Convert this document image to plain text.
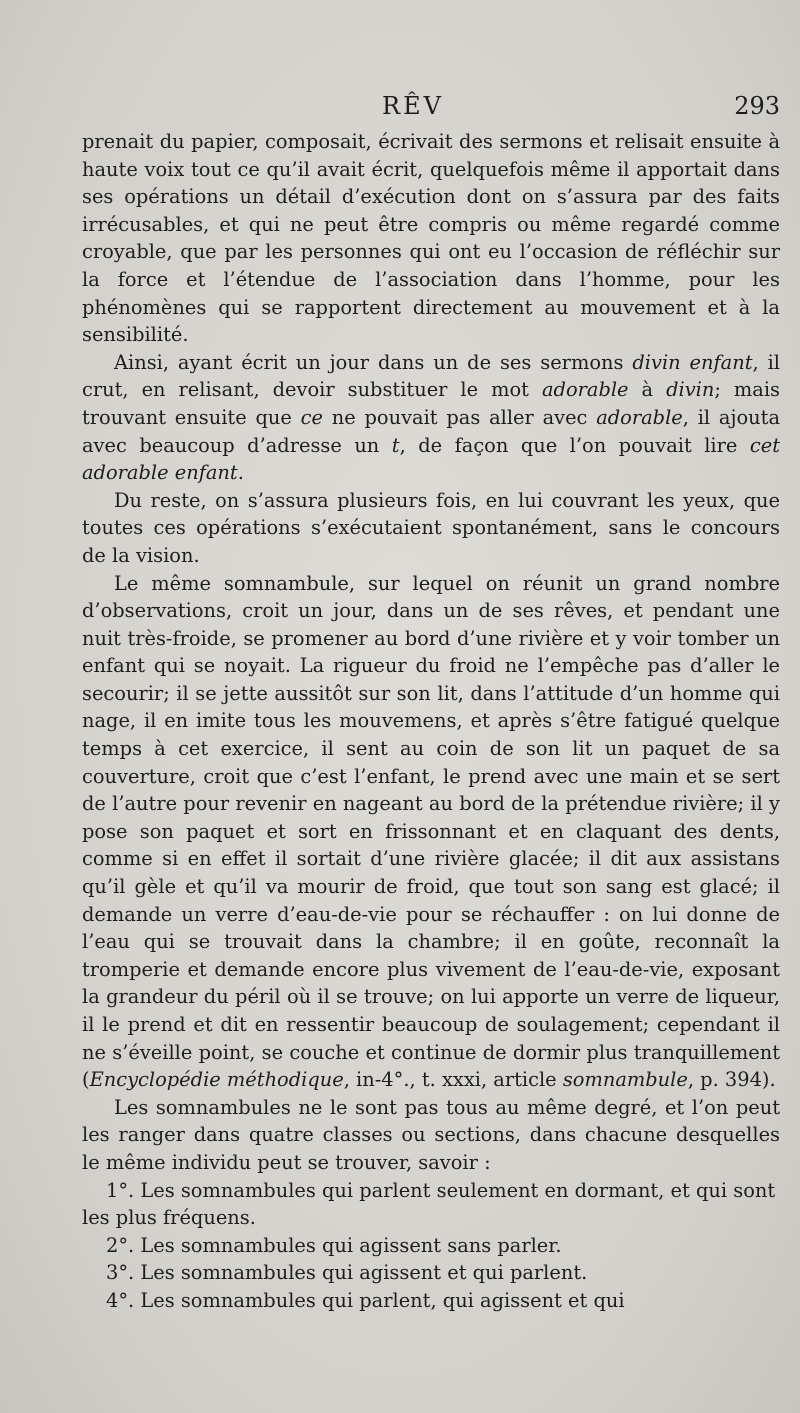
RÊV	293

prenait du papier, composait, écrivait des sermons et relisait ensuite à haute voix tout ce qu’il avait écrit, quelquefois même il apportait dans ses opérations un détail d’exécution dont on s’assura par des faits irrécusables, et qui ne peut être compris ou même regardé comme croyable, que par les personnes qui ont eu l’occasion de réfléchir sur la force et l’étendue de l’association dans l’homme, pour les phénomènes qui se rapportent directement au mouvement et à la sensibilité.

Ainsi, ayant écrit un jour dans un de ses sermons divin enfant, il crut, en relisant, devoir substituer le mot adorable à divin; mais trouvant ensuite que ce ne pouvait pas aller avec adorable, il ajouta avec beaucoup d’adresse un t, de façon que l’on pouvait lire cet adorable enfant.

Du reste, on s’assura plusieurs fois, en lui couvrant les yeux, que toutes ces opérations s’exécutaient spontanément, sans le concours de la vision.

Le même somnambule, sur lequel on réunit un grand nombre d’observations, croit un jour, dans un de ses rêves, et pendant une nuit très-froide, se promener au bord d’une rivière et y voir tomber un enfant qui se noyait. La rigueur du froid ne l’empêche pas d’aller le secourir; il se jette aussitôt sur son lit, dans l’attitude d’un homme qui nage, il en imite tous les mouvemens, et après s’être fatigué quelque temps à cet exercice, il sent au coin de son lit un paquet de sa couverture, croit que c’est l’enfant, le prend avec une main et se sert de l’autre pour revenir en nageant au bord de la prétendue rivière; il y pose son paquet et sort en frissonnant et en claquant des dents, comme si en effet il sortait d’une rivière glacée; il dit aux assistans qu’il gèle et qu’il va mourir de froid, que tout son sang est glacé; il demande un verre d’eau-de-vie pour se réchauffer : on lui donne de l’eau qui se trouvait dans la chambre; il en goûte, reconnaît la tromperie et demande encore plus vivement de l’eau-de-vie, exposant la grandeur du péril où il se trouve; on lui apporte un verre de liqueur, il le prend et dit en ressentir beaucoup de soulagement; cependant il ne s’éveille point, se couche et continue de dormir plus tranquillement (Encyclopédie méthodique, in-4°., t. xxxi, article somnambule, p. 394).

Les somnambules ne le sont pas tous au même degré, et l’on peut les ranger dans quatre classes ou sections, dans chacune desquelles le même individu peut se trouver, savoir :

1°. Les somnambules qui parlent seulement en dormant, et qui sont les plus fréquens.

2°. Les somnambules qui agissent sans parler.

3°. Les somnambules qui agissent et qui parlent.

4°. Les somnambules qui parlent, qui agissent et qui
